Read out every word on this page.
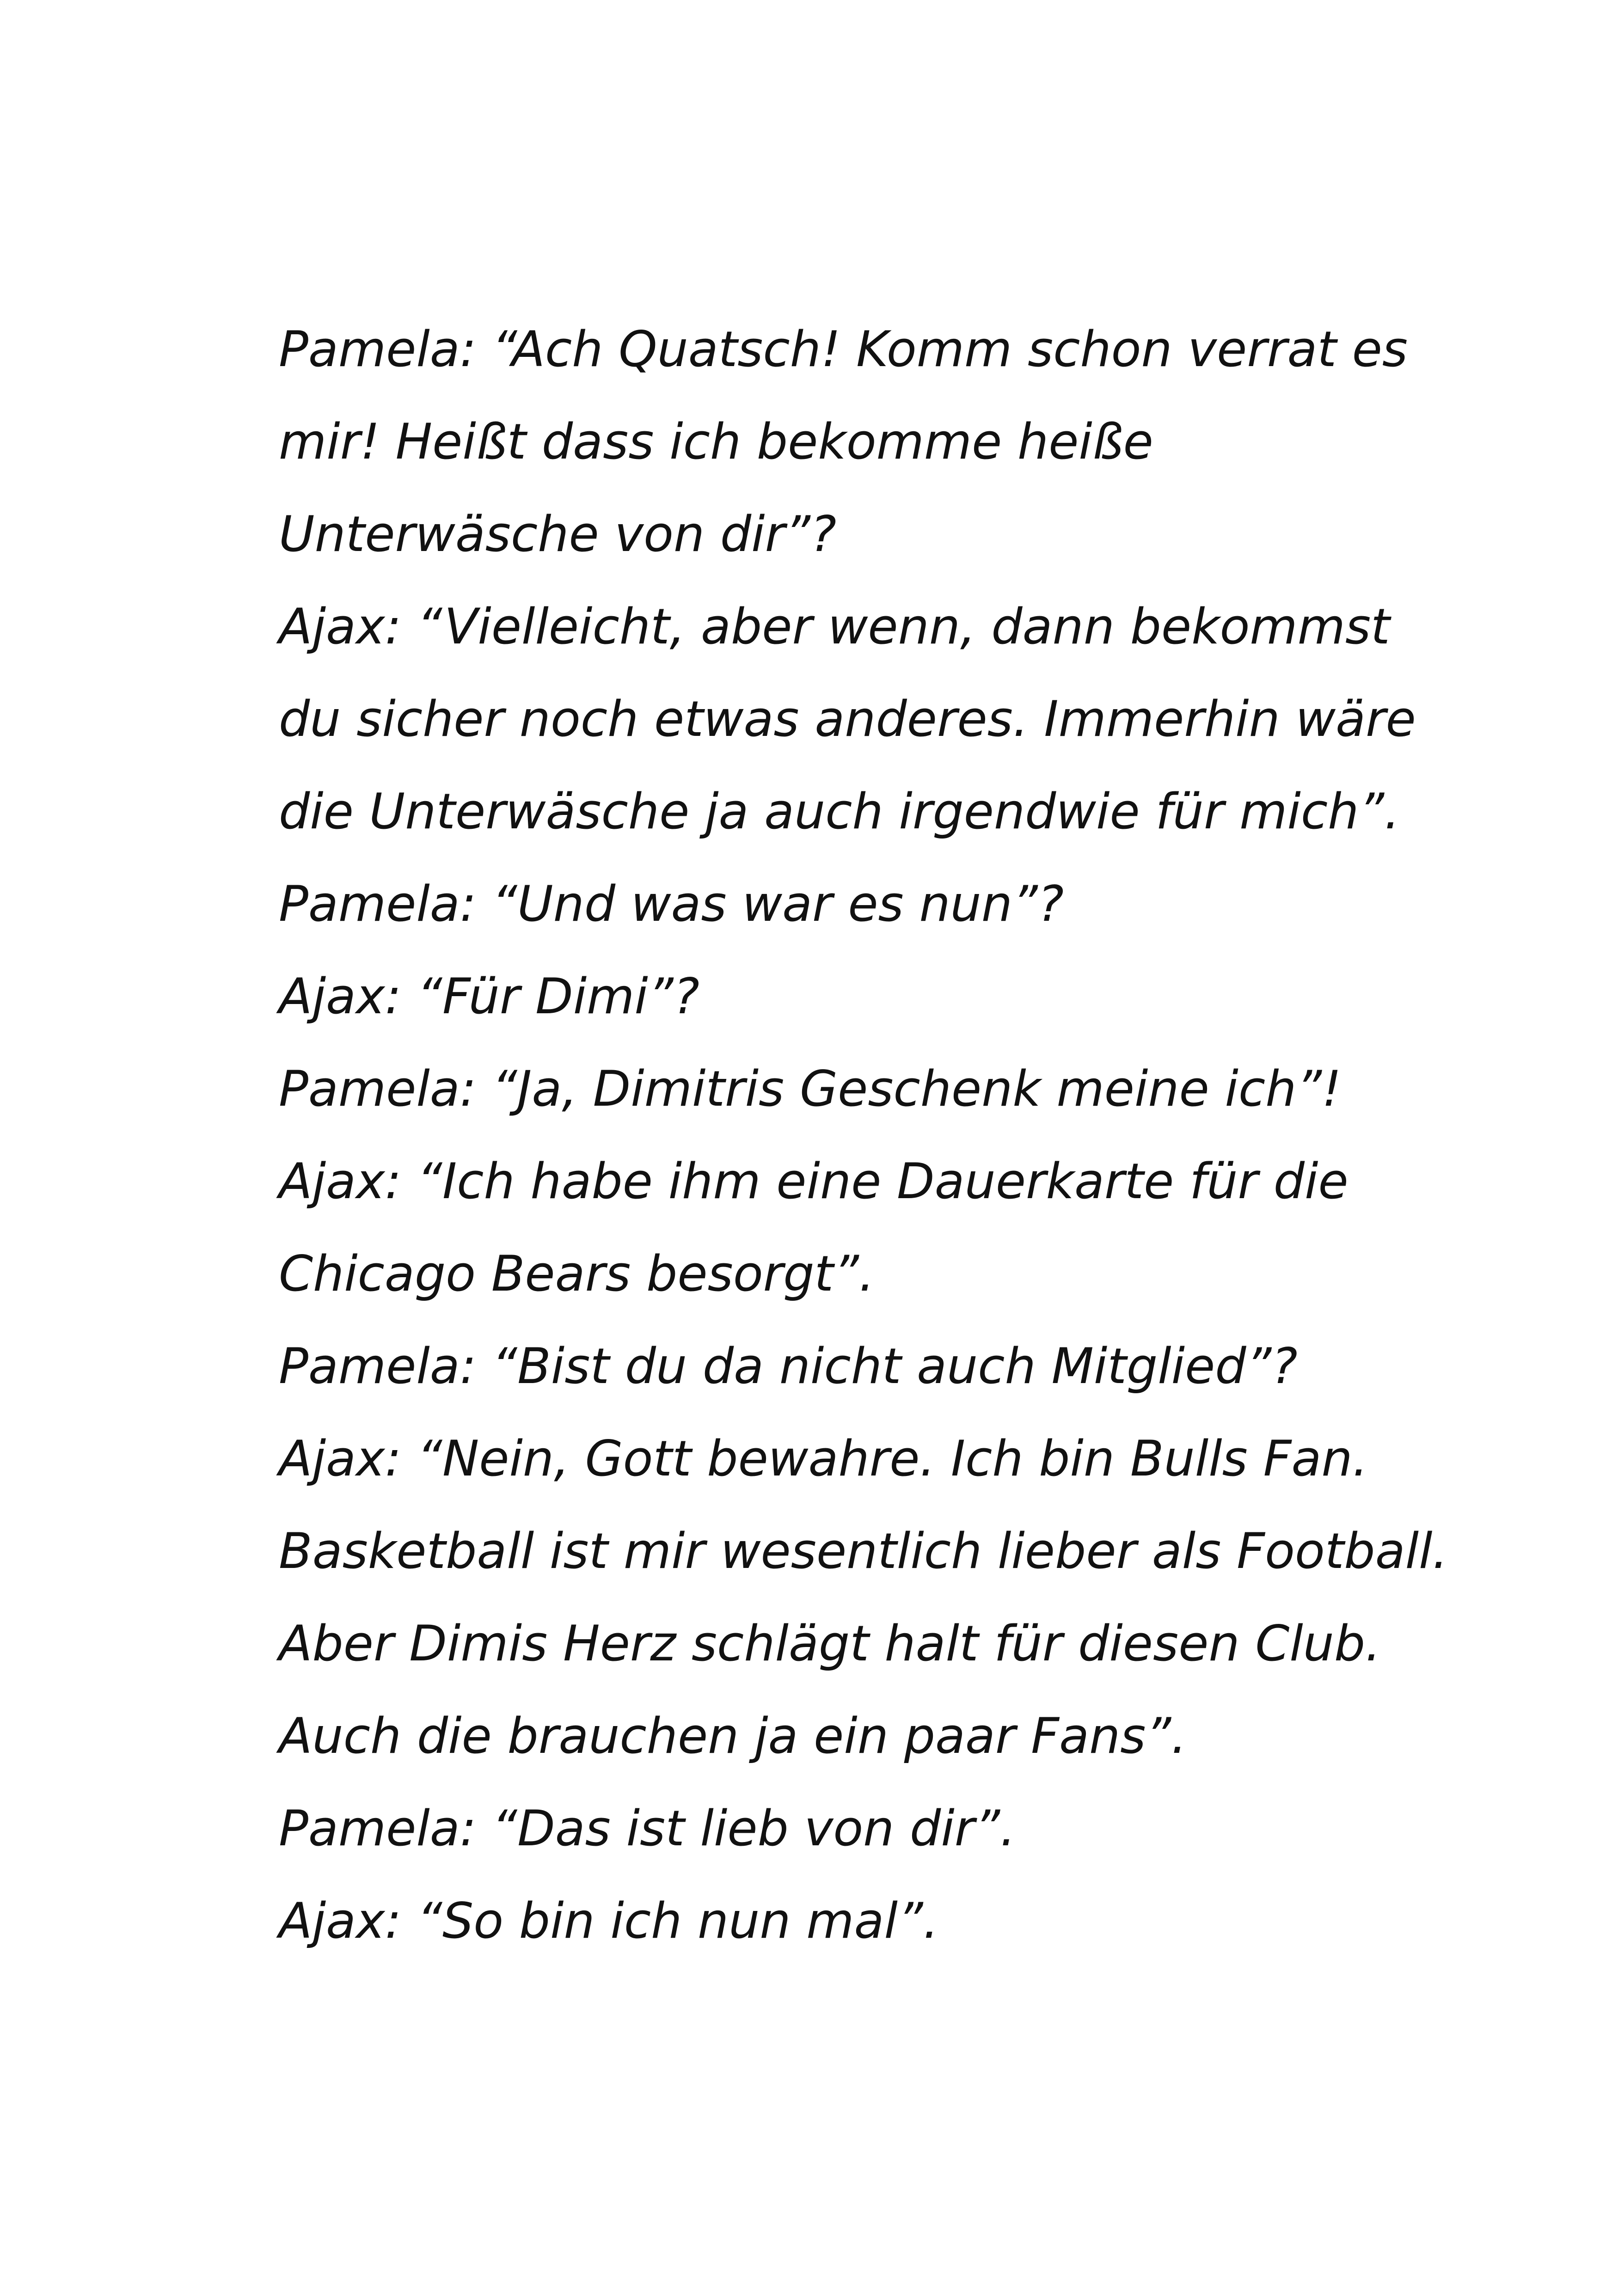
Pamela: “Ach Quatsch! Komm schon verrat es
mir! Heißt dass ich bekomme heiße
Unterwäsche von dir”?
Ajax: “Vielleicht, aber wenn, dann bekommst
du sicher noch etwas anderes. Immerhin wäre
die Unterwäsche ja auch irgendwie für mich”.
Pamela: “Und was war es nun”?
Ajax: “Für Dimi”?
Pamela: “Ja, Dimitris Geschenk meine ich”!
Ajax: “Ich habe ihm eine Dauerkarte für die
Chicago Bears besorgt”.
Pamela: “Bist du da nicht auch Mitglied”?
Ajax: “Nein, Gott bewahre. Ich bin Bulls Fan.
Basketball ist mir wesentlich lieber als Football.
Aber Dimis Herz schlägt halt für diesen Club.
Auch die brauchen ja ein paar Fans”.
Pamela: “Das ist lieb von dir”.
Ajax: “So bin ich nun mal”.
